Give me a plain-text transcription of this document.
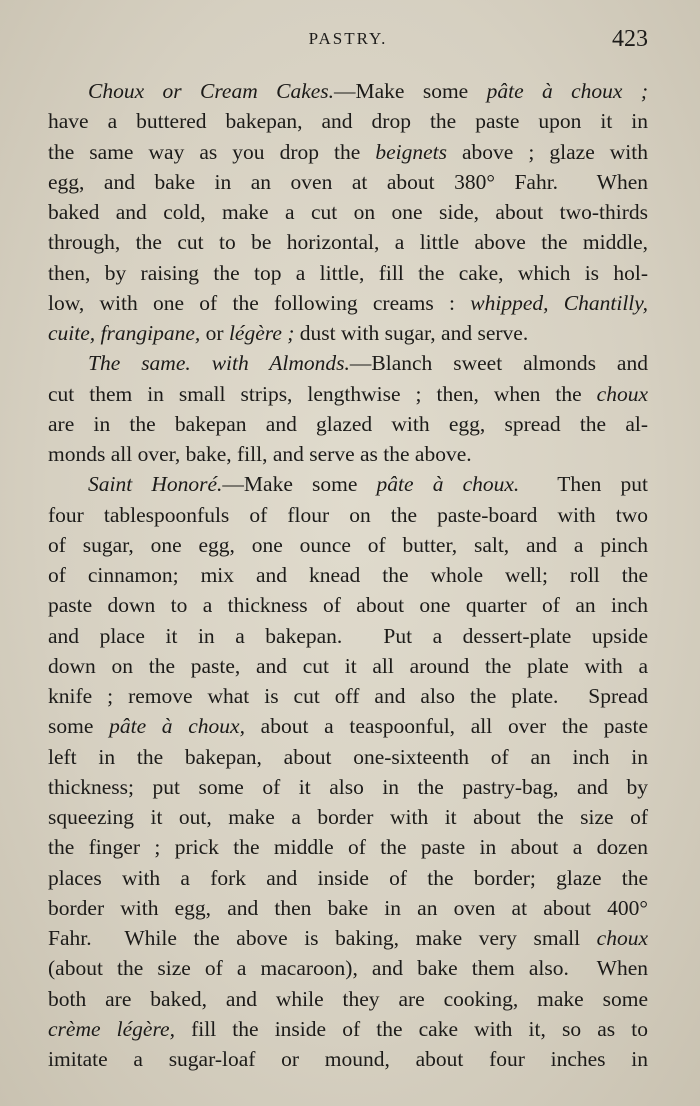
PASTRY.	423
Choux or Cream Cakes.—Make some pâte à choux ;
have a buttered bakepan, and drop the paste upon it in
the same way as you drop the beignets above ; glaze with
egg, and bake in an oven at about 380° Fahr.  When
baked and cold, make a cut on one side, about two-thirds
through, the cut to be horizontal, a little above the middle,
then, by raising the top a little, fill the cake, which is hol-
low, with one of the following creams : whipped, Chantilly,
cuite, frangipane, or légère ; dust with sugar, and serve.
The same. with Almonds.—Blanch sweet almonds and
cut them in small strips, lengthwise ; then, when the choux
are in the bakepan and glazed with egg, spread the al-
monds all over, bake, fill, and serve as the above.
Saint Honoré.—Make some pâte à choux.  Then put
four tablespoonfuls of flour on the paste-board with two
of sugar, one egg, one ounce of butter, salt, and a pinch
of cinnamon; mix and knead the whole well; roll the
paste down to a thickness of about one quarter of an inch
and place it in a bakepan.  Put a dessert-plate upside
down on the paste, and cut it all around the plate with a
knife ; remove what is cut off and also the plate.  Spread
some pâte à choux, about a teaspoonful, all over the paste
left in the bakepan, about one-sixteenth of an inch in
thickness; put some of it also in the pastry-bag, and by
squeezing it out, make a border with it about the size of
the finger ; prick the middle of the paste in about a dozen
places with a fork and inside of the border; glaze the
border with egg, and then bake in an oven at about 400°
Fahr.  While the above is baking, make very small choux
(about the size of a macaroon), and bake them also.  When
both are baked, and while they are cooking, make some
crème légère, fill the inside of the cake with it, so as to
imitate a sugar-loaf or mound, about four inches in
